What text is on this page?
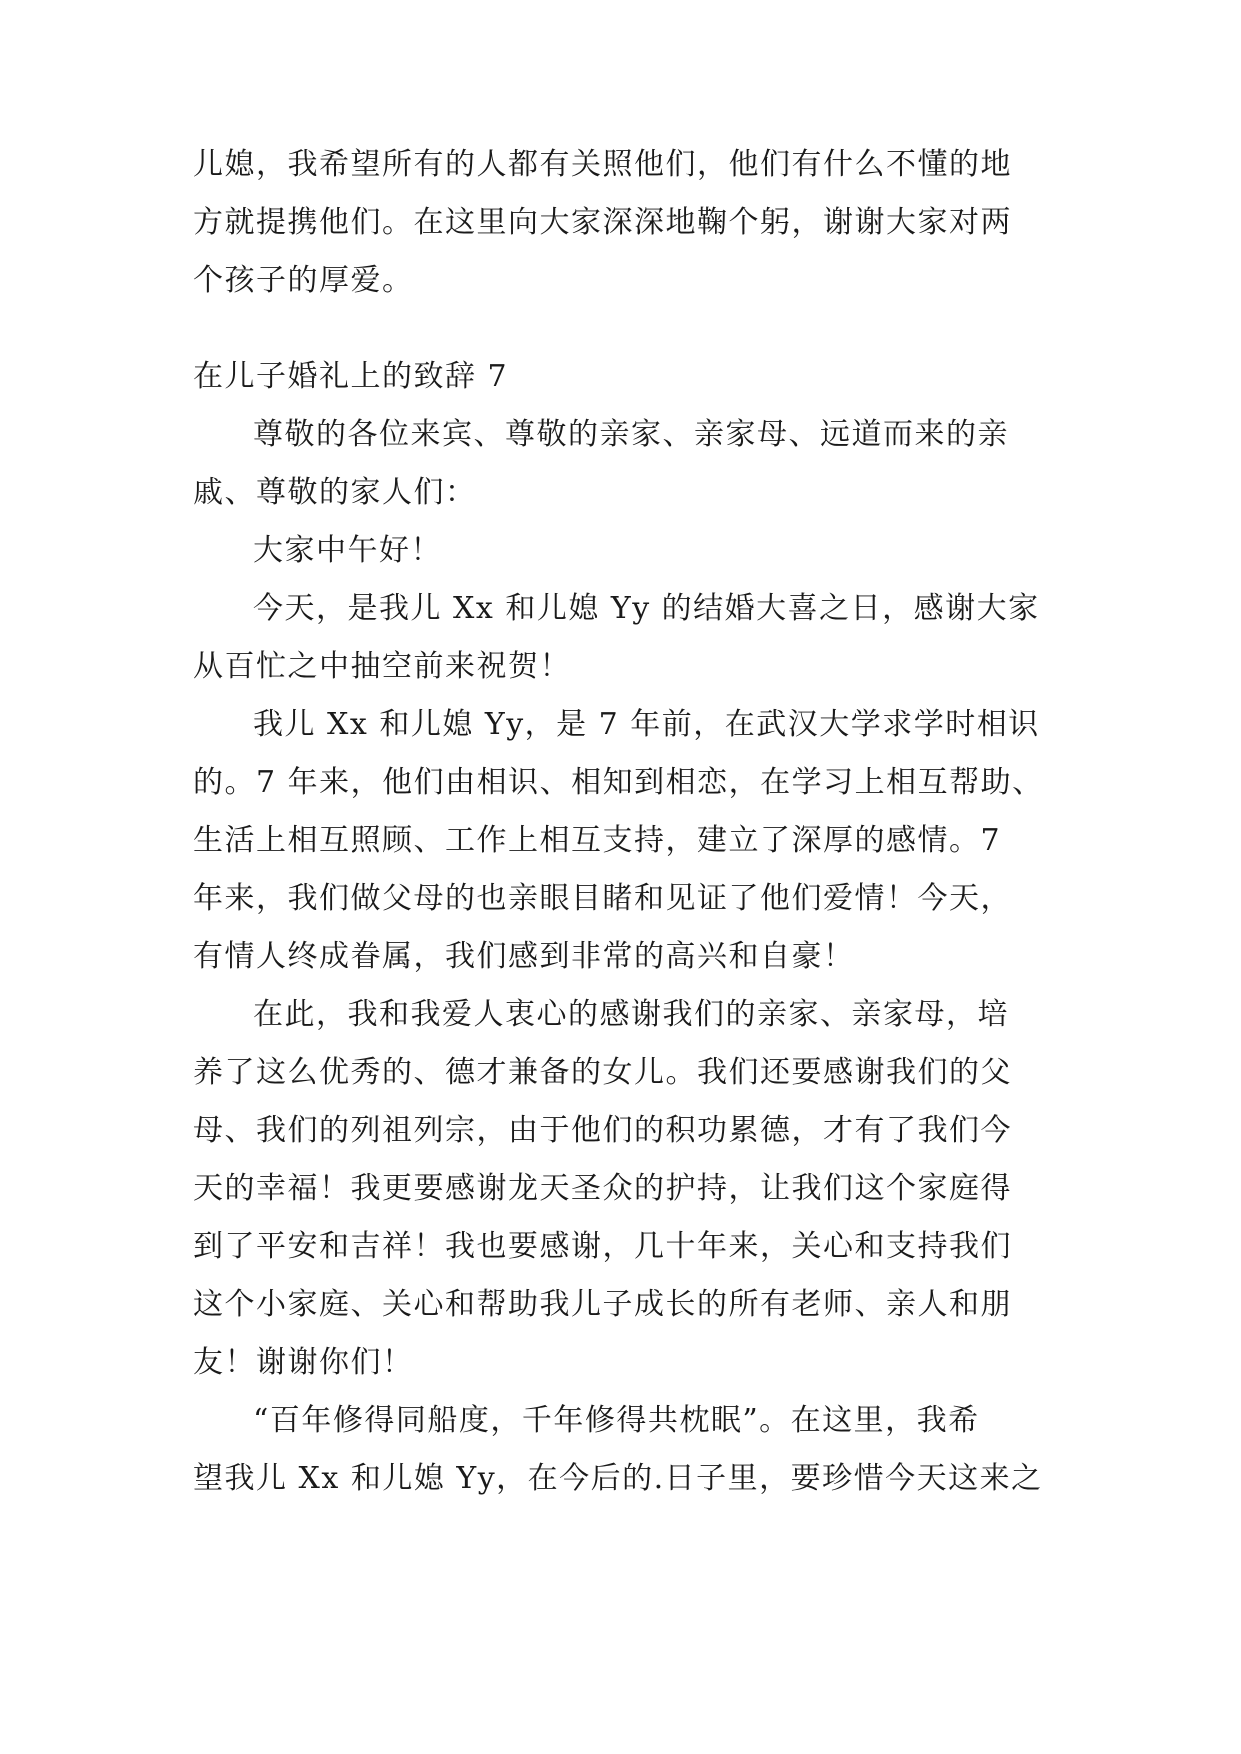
儿媳，我希望所有的人都有关照他们，他们有什么不懂的地
方就提携他们。在这里向大家深深地鞠个躬，谢谢大家对两
个孩子的厚爱。
在儿子婚礼上的致辞 7
尊敬的各位来宾、尊敬的亲家、亲家母、远道而来的亲
戚、尊敬的家人们：
大家中午好！
今天，是我儿 Xx 和儿媳 Yy 的结婚大喜之日，感谢大家
从百忙之中抽空前来祝贺！
我儿 Xx 和儿媳 Yy，是 7 年前，在武汉大学求学时相识
的。7 年来，他们由相识、相知到相恋，在学习上相互帮助、
生活上相互照顾、工作上相互支持，建立了深厚的感情。7
年来，我们做父母的也亲眼目睹和见证了他们爱情！今天，
有情人终成眷属，我们感到非常的高兴和自豪！
在此，我和我爱人衷心的感谢我们的亲家、亲家母，培
养了这么优秀的、德才兼备的女儿。我们还要感谢我们的父
母、我们的列祖列宗，由于他们的积功累德，才有了我们今
天的幸福！我更要感谢龙天圣众的护持，让我们这个家庭得
到了平安和吉祥！我也要感谢，几十年来，关心和支持我们
这个小家庭、关心和帮助我儿子成长的所有老师、亲人和朋
友！谢谢你们！
“百年修得同船度，千年修得共枕眠”。在这里，我希
望我儿 Xx 和儿媳 Yy，在今后的.日子里，要珍惜今天这来之
